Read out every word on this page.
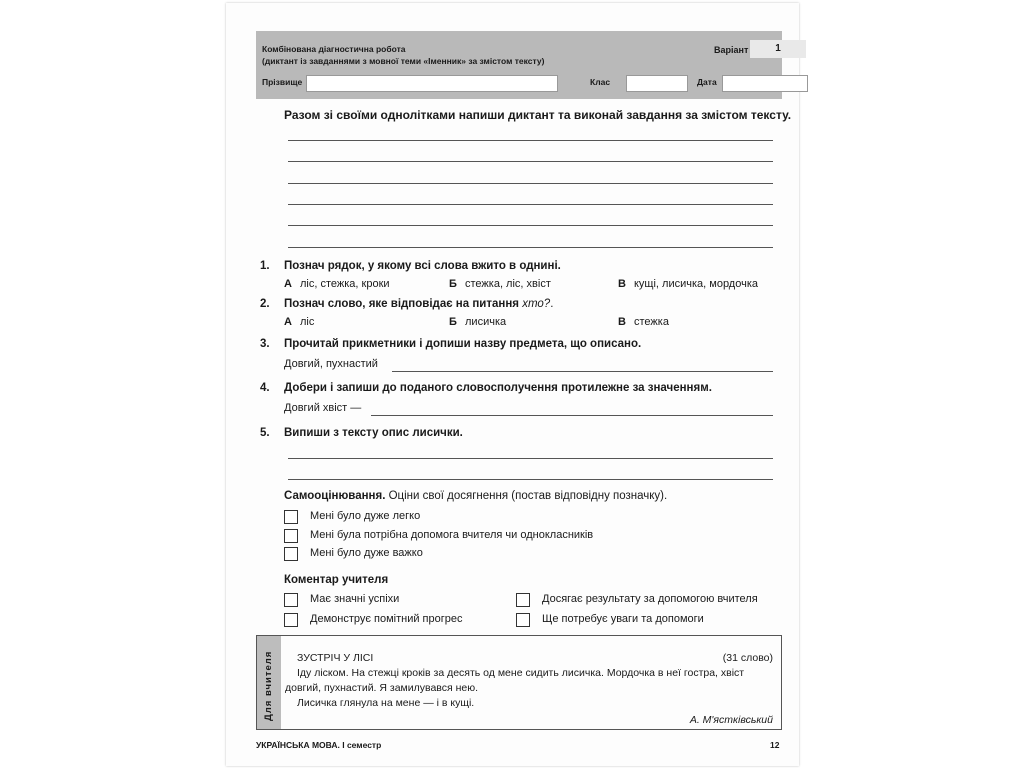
Комбінована діагностична робота
(диктант із завданнями з мовної теми «Іменник» за змістом тексту)
Варіант	1
Прізвище	Клас	Дата
Разом зі своїми однолітками напиши диктант та виконай завдання за змістом тексту.
1. Познач рядок, у якому всі слова вжито в однині.
А ліс, стежка, кроки	Б стежка, ліс, хвіст	В кущі, лисичка, мордочка
2. Познач слово, яке відповідає на питання хто?.
А ліс	Б лисичка	В стежка
3. Прочитай прикметники і допиши назву предмета, що описано.
Довгий, пухнастий
4. Добери і запиши до поданого словосполучення протилежне за значенням.
Довгий хвіст —
5. Випиши з тексту опис лисички.
Самооцінювання. Оціни свої досягнення (постав відповідну позначку).
Мені було дуже легко
Мені була потрібна допомога вчителя чи однокласників
Мені було дуже важко
Коментар учителя
Має значні успіхи	Досягає результату за допомогою вчителя
Демонструє помітний прогрес	Ще потребує уваги та допомоги
Для вчителя ЗУСТРІЧ У ЛІСІ	(31 слово)
Іду ліском. На стежці кроків за десять од мене сидить лисичка. Мордочка в неї гостра, хвіст
довгий, пухнастий. Я замилувався нею.
Лисичка глянула на мене — і в кущі.
А. М'ястківський
УКРАЇНСЬКА МОВА. І семестр	12
